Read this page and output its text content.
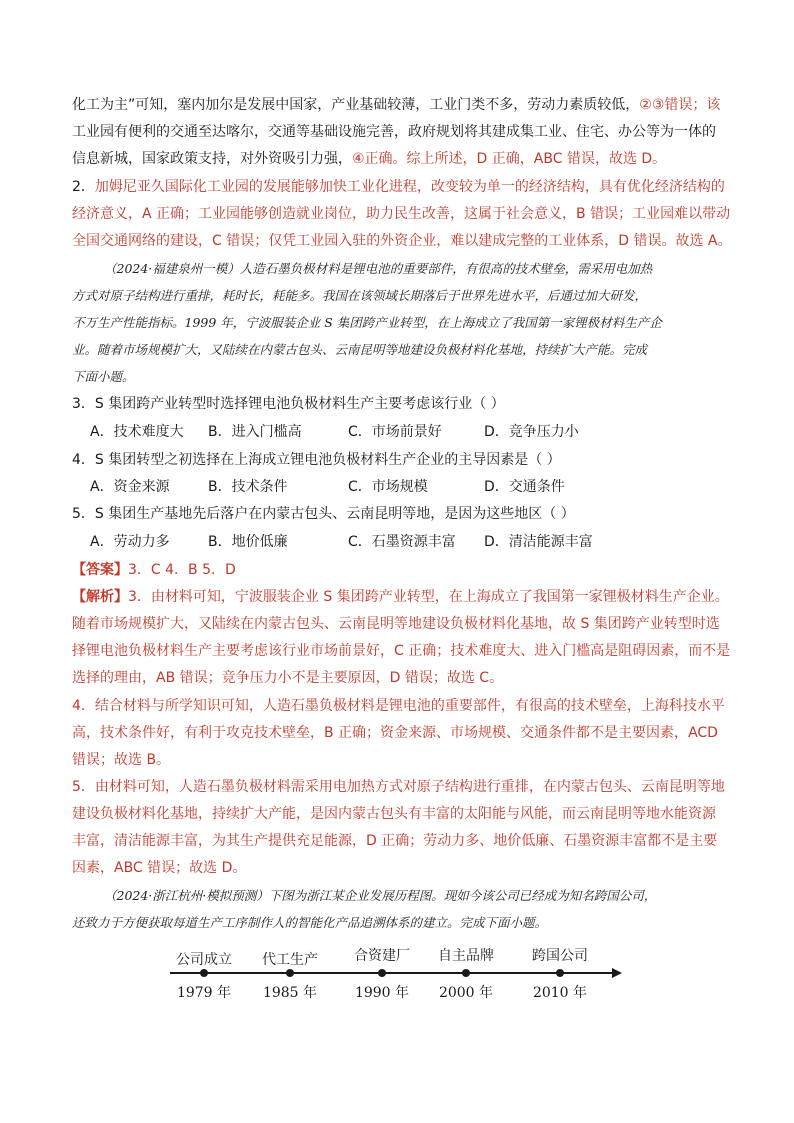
化工为主”可知，塞内加尔是发展中国家，产业基础较薄，工业门类不多，劳动力素质较低，②③错误；该
工业园有便利的交通至达喀尔，交通等基础设施完善，政府规划将其建成集工业、住宅、办公等为一体的
信息新城，国家政策支持，对外资吸引力强，④正确。综上所述，D 正确，ABC 错误，故选 D。
2．加姆尼亚久国际化工业园的发展能够加快工业化进程，改变较为单一的经济结构，具有优化经济结构的
经济意义，A 正确；工业园能够创造就业岗位，助力民生改善，这属于社会意义，B 错误；工业园难以带动
全国交通网络的建设，C 错误；仅凭工业园入驻的外资企业，难以建成完整的工业体系，D 错误。故选 A。
（2024·福建泉州一模）人造石墨负极材料是锂电池的重要部件，有很高的技术壁垒，需采用电加热
方式对原子结构进行重排，耗时长，耗能多。我国在该领域长期落后于世界先进水平，后通过加大研发，
不万生产性能指标。1999 年，宁波服装企业 S 集团跨产业转型，在上海成立了我国第一家锂极材料生产企
业。随着市场规模扩大，又陆续在内蒙古包头、云南昆明等地建设负极材料化基地，持续扩大产能。完成
下面小题。
3．S 集团跨产业转型时选择锂电池负极材料生产主要考虑该行业（ ）
A．技术难度大 B．进入门槛高	C．市场前景好	D．竞争压力小
4．S 集团转型之初选择在上海成立锂电池负极材料生产企业的主导因素是（ ）
A．资金来源	B．技术条件	C．市场规模	D．交通条件
5．S 集团生产基地先后落户在内蒙古包头、云南昆明等地，是因为这些地区（ ）
A．劳动力多	B．地价低廉	C．石墨资源丰富 D．清洁能源丰富
【答案】3．C 4．B 5．D
【解析】3．由材料可知，宁波服装企业 S 集团跨产业转型，在上海成立了我国第一家锂极材料生产企业。
随着市场规模扩大，又陆续在内蒙古包头、云南昆明等地建设负极材料化基地，故 S 集团跨产业转型时选
择锂电池负极材料生产主要考虑该行业市场前景好，C 正确；技术难度大、进入门槛高是阻碍因素，而不是
选择的理由，AB 错误；竞争压力小不是主要原因，D 错误；故选 C。
4．结合材料与所学知识可知，人造石墨负极材料是锂电池的重要部件，有很高的技术壁垒，上海科技水平
高，技术条件好，有利于攻克技术壁垒，B 正确；资金来源、市场规模、交通条件都不是主要因素，ACD
错误；故选 B。
5．由材料可知，人造石墨负极材料需采用电加热方式对原子结构进行重排，在内蒙古包头、云南昆明等地
建设负极材料化基地，持续扩大产能，是因内蒙古包头有丰富的太阳能与风能，而云南昆明等地水能资源
丰富，清洁能源丰富，为其生产提供充足能源，D 正确；劳动力多、地价低廉、石墨资源丰富都不是主要
因素，ABC 错误；故选 D。
（2024·浙江杭州·模拟预测）下图为浙江某企业发展历程图。现如今该公司已经成为知名跨国公司，
还致力于方便获取每道生产工序制作人的智能化产品追溯体系的建立。完成下面小题。
公司成立
1979 年
代工生产
1985 年
合资建厂
1990 年
自主品牌
2000 年
跨国公司
2010 年
